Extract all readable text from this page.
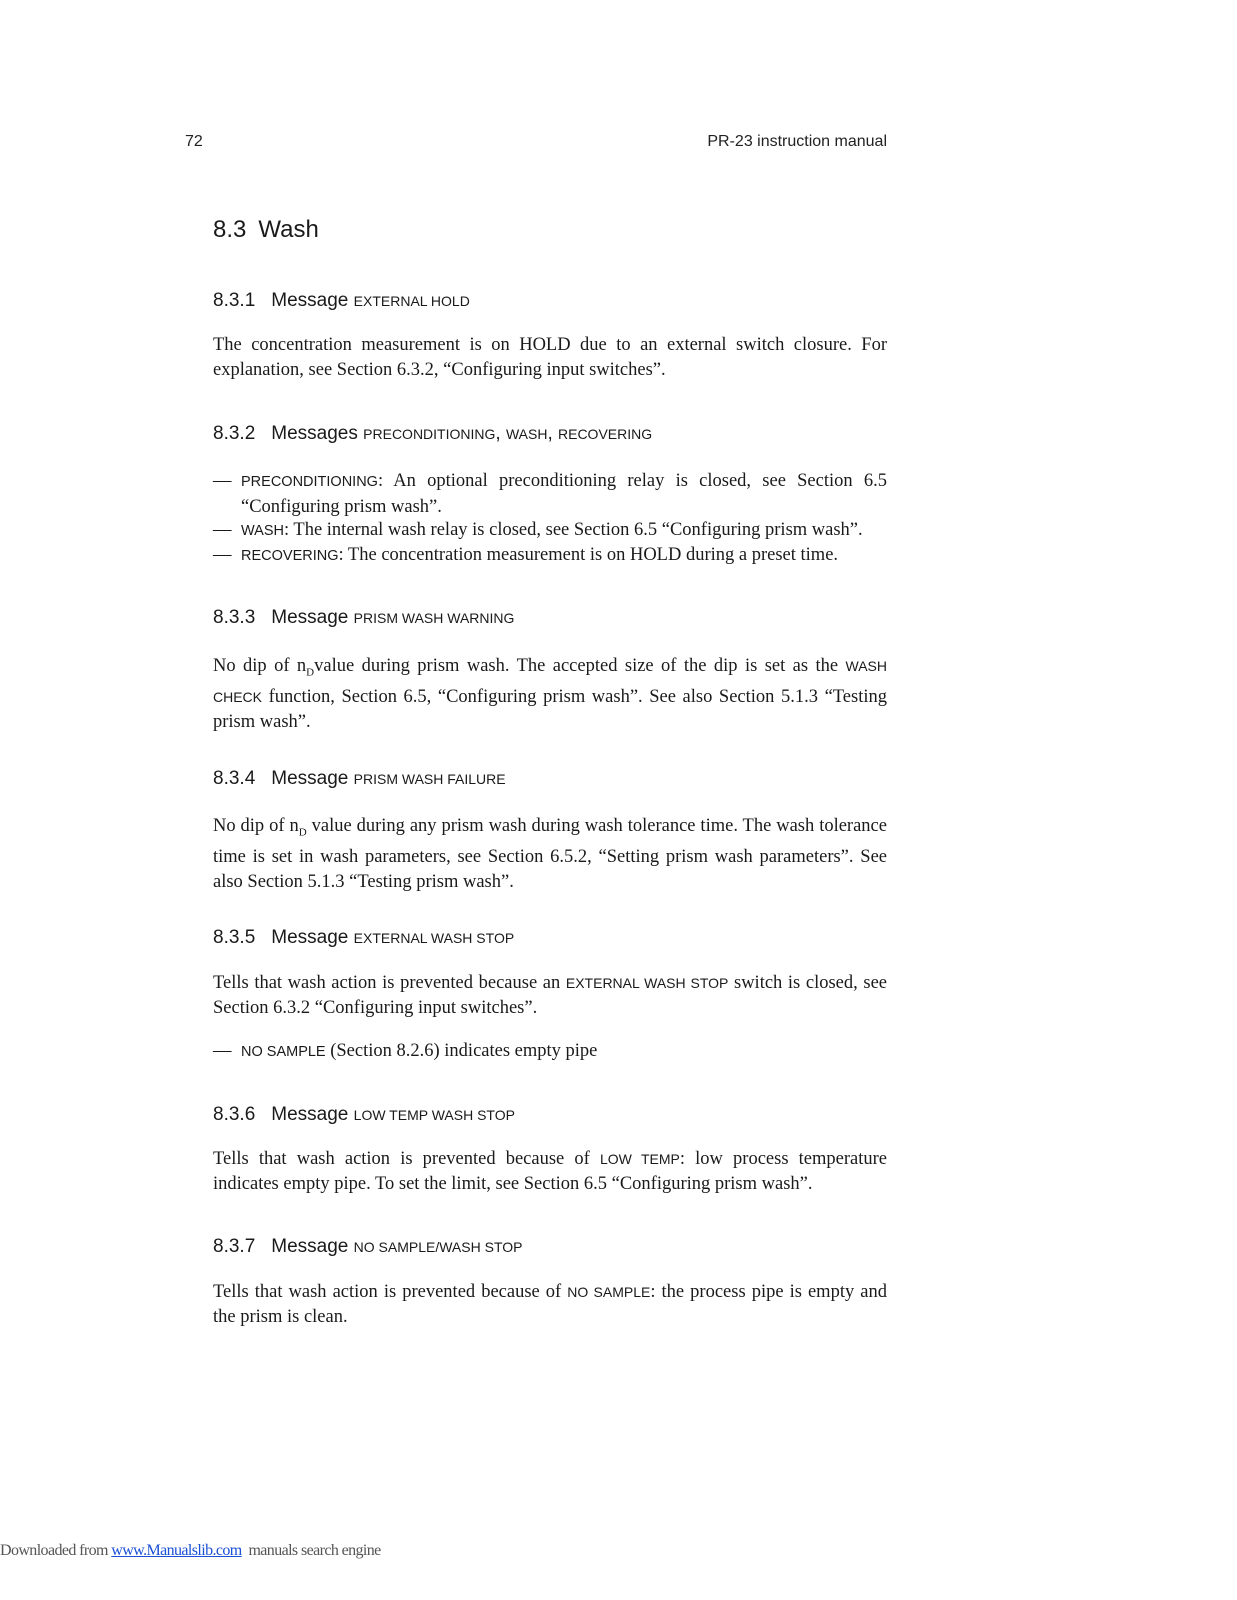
72	PR-23 instruction manual
8.3 Wash
8.3.1 Message EXTERNAL HOLD

The concentration measurement is on HOLD due to an external switch closure. For explanation, see Section 6.3.2, “Configuring input switches”.

8.3.2 Messages PRECONDITIONING, WASH, RECOVERING
— PRECONDITIONING: An optional preconditioning relay is closed, see Section 6.5 “Configuring prism wash”.
— WASH: The internal wash relay is closed, see Section 6.5 “Configuring prism wash”.
— RECOVERING: The concentration measurement is on HOLD during a preset time.
8.3.3 Message PRISM WASH WARNING

No dip of $n_Dvalue$ during prism wash. The accepted size of the dip is set as the WASH CHECK function, Section 6.5, “Configuring prism wash”. See also Section 5.1.3 “Testing prism wash”.

8.3.4 Message PRISM WASH FAILURE

No dip of $n_D$ value during any prism wash during wash tolerance time. The wash tolerance time is set in wash parameters, see Section 6.5.2, “Setting prism wash parameters”. See also Section 5.1.3 “Testing prism wash”.

8.3.5 Message EXTERNAL WASH STOP

Tells that wash action is prevented because an EXTERNAL WASH STOP switch is closed, see Section 6.3.2 “Configuring input switches”.

— NO SAMPLE (Section 8.2.6) indicates empty pipe
8.3.6 Message LOW TEMP WASH STOP

Tells that wash action is prevented because of LOW TEMP: low process temperature indicates empty pipe. To set the limit, see Section 6.5 “Configuring prism wash”.

8.3.7 Message NO SAMPLE/WASH STOP

Tells that wash action is prevented because of NO SAMPLE: the process pipe is empty and the prism is clean.

Downloaded from www.Manualslib.com  manuals search engine
